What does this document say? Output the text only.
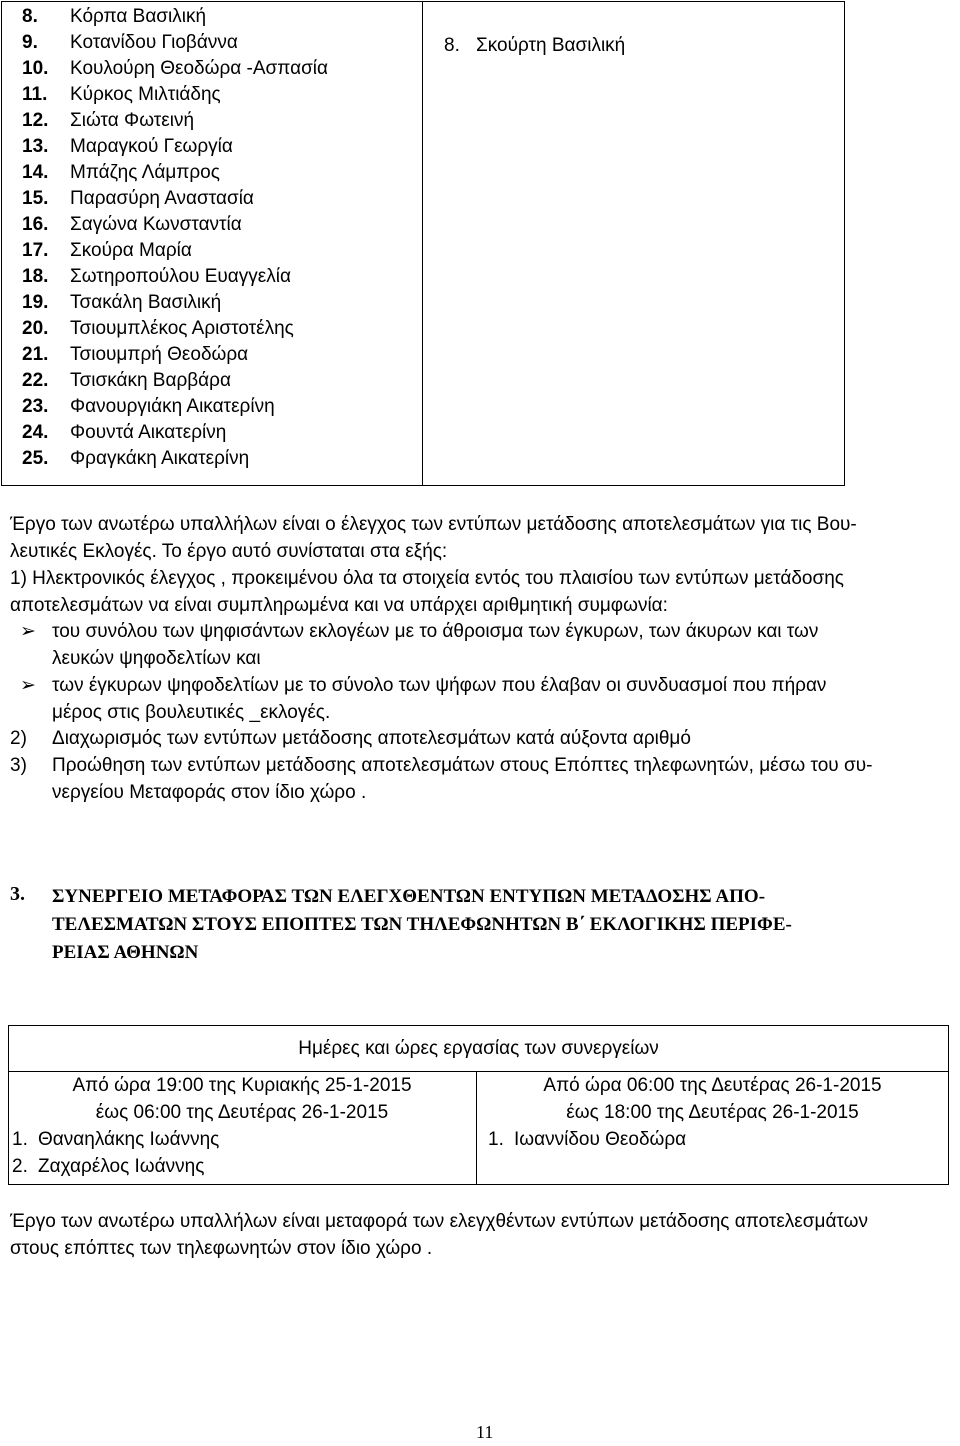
8.	Κόρπα Βασιλική
9.	Κοτανίδου Γιοβάννα
10.	Κουλούρη Θεοδώρα -Ασπασία
11.	Κύρκος Μιλτιάδης
12.	Σιώτα Φωτεινή
13.	Μαραγκού Γεωργία
14.	Μπάζης Λάμπρος
15.	Παρασύρη Αναστασία
16.	Σαγώνα Κωνσταντία
17.	Σκούρα Μαρία
18.	Σωτηροπούλου Ευαγγελία
19.	Τσακάλη Βασιλική
20.	Τσιουμπλέκος Αριστοτέλης
21.	Τσιουμπρή Θεοδώρα
22.	Τσισκάκη Βαρβάρα
23.	Φανουργιάκη Αικατερίνη
24.	Φουντά Αικατερίνη
25.	Φραγκάκη Αικατερίνη
8. Σκούρτη Βασιλική
Έργο των ανωτέρω υπαλλήλων είναι ο έλεγχος των εντύπων μετάδοσης αποτελεσμάτων για τις Βου-
λευτικές Εκλογές. Το έργο αυτό συνίσταται στα εξής:
1) Ηλεκτρονικός έλεγχος , προκειμένου όλα τα στοιχεία εντός του πλαισίου των εντύπων μετάδοσης
αποτελεσμάτων να είναι συμπληρωμένα και να υπάρχει αριθμητική συμφωνία:
➢ του συνόλου των ψηφισάντων εκλογέων με το άθροισμα των έγκυρων, των άκυρων και των
λευκών ψηφοδελτίων και
➢ των έγκυρων ψηφοδελτίων με το σύνολο των ψήφων που έλαβαν οι συνδυασμοί που πήραν
μέρος στις βουλευτικές _εκλογές.
2) Διαχωρισμός των εντύπων μετάδοσης αποτελεσμάτων κατά αύξοντα αριθμό
3) Προώθηση των εντύπων μετάδοσης αποτελεσμάτων στους Επόπτες τηλεφωνητών, μέσω του συ-
νεργείου Μεταφοράς στον ίδιο χώρο .
3. ΣΥΝΕΡΓΕΙΟ ΜΕΤΑΦΟΡΑΣ ΤΩΝ ΕΛΕΓΧΘΕΝΤΩΝ ΕΝΤΥΠΩΝ ΜΕΤΑΔΟΣΗΣ ΑΠΟ-
ΤΕΛΕΣΜΑΤΩΝ ΣΤΟΥΣ ΕΠΟΠΤΕΣ ΤΩΝ ΤΗΛΕΦΩΝΗΤΩΝ Β΄ ΕΚΛΟΓΙΚΗΣ ΠΕΡΙΦΕ-
ΡΕΙΑΣ ΑΘΗΝΩΝ
Ημέρες και ώρες εργασίας των συνεργείων
Από ώρα 19:00 της Κυριακής 25-1-2015
έως 06:00 της Δευτέρας 26-1-2015
1. Θαναηλάκης Ιωάννης
2. Ζαχαρέλος Ιωάννης
Από ώρα 06:00 της Δευτέρας 26-1-2015
έως 18:00 της Δευτέρας 26-1-2015
1. Ιωαννίδου Θεοδώρα
Έργο των ανωτέρω υπαλλήλων είναι μεταφορά των ελεγχθέντων εντύπων μετάδοσης αποτελεσμάτων
στους επόπτες των τηλεφωνητών στον ίδιο χώρο .
11
